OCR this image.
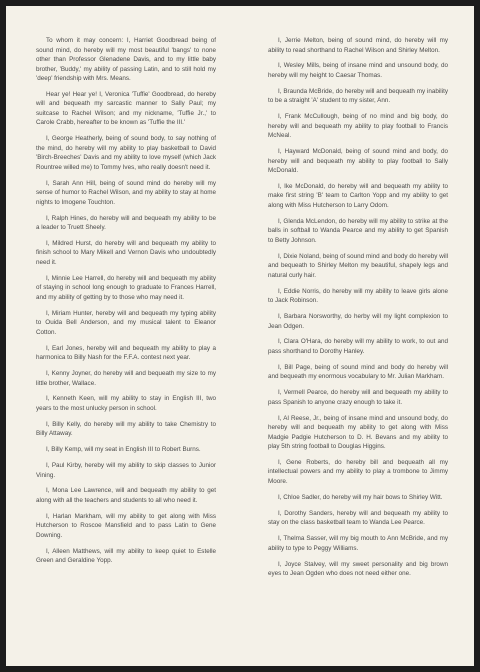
To whom it may concern: I, Harriet Goodbread being of sound mind, do hereby will my most beautiful 'bangs' to none other than Professor Glenadene Davis, and to my little baby brother, 'Buddy,' my ability of passing Latin, and to still hold my 'deep' friendship with Mrs. Means.

Hear ye! Hear ye! I, Veronica 'Tuffie' Goodbread, do hereby will and bequeath my sarcastic manner to Sally Paul; my suitcase to Rachel Wilson; and my nickname, 'Tuffie Jr.,' to Carole Crabb, hereafter to be known as 'Tuffie the III.'

I, George Heatherly, being of sound body, to say nothing of the mind, do hereby will my ability to play basketball to David 'Birch-Breeches' Davis and my ability to love myself (which Jack Rountree willed me) to Tommy Ives, who really doesn't need it.

I, Sarah Ann Hill, being of sound mind do hereby will my sense of humor to Rachel Wilson, and my ability to stay at home nights to Imogene Touchton.

I, Ralph Hines, do hereby will and bequeath my ability to be a leader to Truett Sheely.

I, Mildred Hurst, do hereby will and bequeath my ability to finish school to Mary Mikell and Vernon Davis who undoubtedly need it.

I, Minnie Lee Harrell, do hereby will and bequeath my ability of staying in school long enough to graduate to Frances Harrell, and my ability of getting by to those who may need it.

I, Miriam Hunter, hereby will and bequeath my typing ability to Ouida Bell Anderson, and my musical talent to Eleanor Cotton.

I, Earl Jones, hereby will and bequeath my ability to play a harmonica to Billy Nash for the F.F.A. contest next year.

I, Kenny Joyner, do hereby will and bequeath my size to my little brother, Wallace.

I, Kenneth Keen, will my ability to stay in English III, two years to the most unlucky person in school.

I, Billy Kelly, do hereby will my ability to take Chemistry to Billy Attaway.

I, Billy Kemp, will my seat in English III to Robert Burns.

I, Paul Kirby, hereby will my ability to skip classes to Junior Vining.

I, Mona Lee Lawrence, will and bequeath my ability to get along with all the teachers and students to all who need it.

I, Harlan Markham, will my ability to get along with Miss Hutcherson to Roscoe Mansfield and to pass Latin to Gene Downing.

I, Alleen Matthews, will my ability to keep quiet to Estelle Green and Geraldine Yopp.

I, Jerrie Melton, being of sound mind, do hereby will my ability to read shorthand to Rachel Wilson and Shirley Melton.

I, Wesley Mills, being of insane mind and unsound body, do hereby will my height to Caesar Thomas.

I, Braunda McBride, do hereby will and bequeath my inability to be a straight 'A' student to my sister, Ann.

I, Frank McCullough, being of no mind and big body, do hereby will and bequeath my ability to play football to Francis McNeal.

I, Hayward McDonald, being of sound mind and body, do hereby will and bequeath my ability to play football to Sally McDonald.

I, Ike McDonald, do hereby will and bequeath my ability to make first string 'B' team to Carlton Yopp and my ability to get along with Miss Hutcherson to Larry Odom.

I, Glenda McLendon, do hereby will my ability to strike at the balls in softball to Wanda Pearce and my ability to get Spanish to Betty Johnson.

I, Dixie Noland, being of sound mind and body do hereby will and bequeath to Shirley Melton my beautiful, shapely legs and natural curly hair.

I, Eddie Norris, do hereby will my ability to leave girls alone to Jack Robinson.

I, Barbara Norsworthy, do herby will my light complexion to Jean Odgen.

I, Clara O'Hara, do hereby will my ability to work, to out and pass shorthand to Dorothy Hanley.

I, Bill Page, being of sound mind and body do hereby will and bequeath my enormous vocabulary to Mr. Julian Markham.

I, Vermell Pearce, do hereby will and bequeath my ability to pass Spanish to anyone crazy enough to take it.

I, Al Reese, Jr., being of insane mind and unsound body, do hereby will and bequeath my ability to get along with Miss Madgie Padgie Hutcherson to D. H. Bevans and my ability to play 5th string football to Douglas Higgins.

I, Gene Roberts, do hereby bill and bequeath all my intellectual powers and my ability to play a trombone to Jimmy Moore.

I, Chloe Sadler, do hereby will my hair bows to Shirley Witt.

I, Dorothy Sanders, hereby will and bequeath my ability to stay on the class basketball team to Wanda Lee Pearce.

I, Thelma Sasser, will my big mouth to Ann McBride, and my ability to type to Peggy Williams.

I, Joyce Stalvey, will my sweet personality and big brown eyes to Jean Ogden who does not need either one.
